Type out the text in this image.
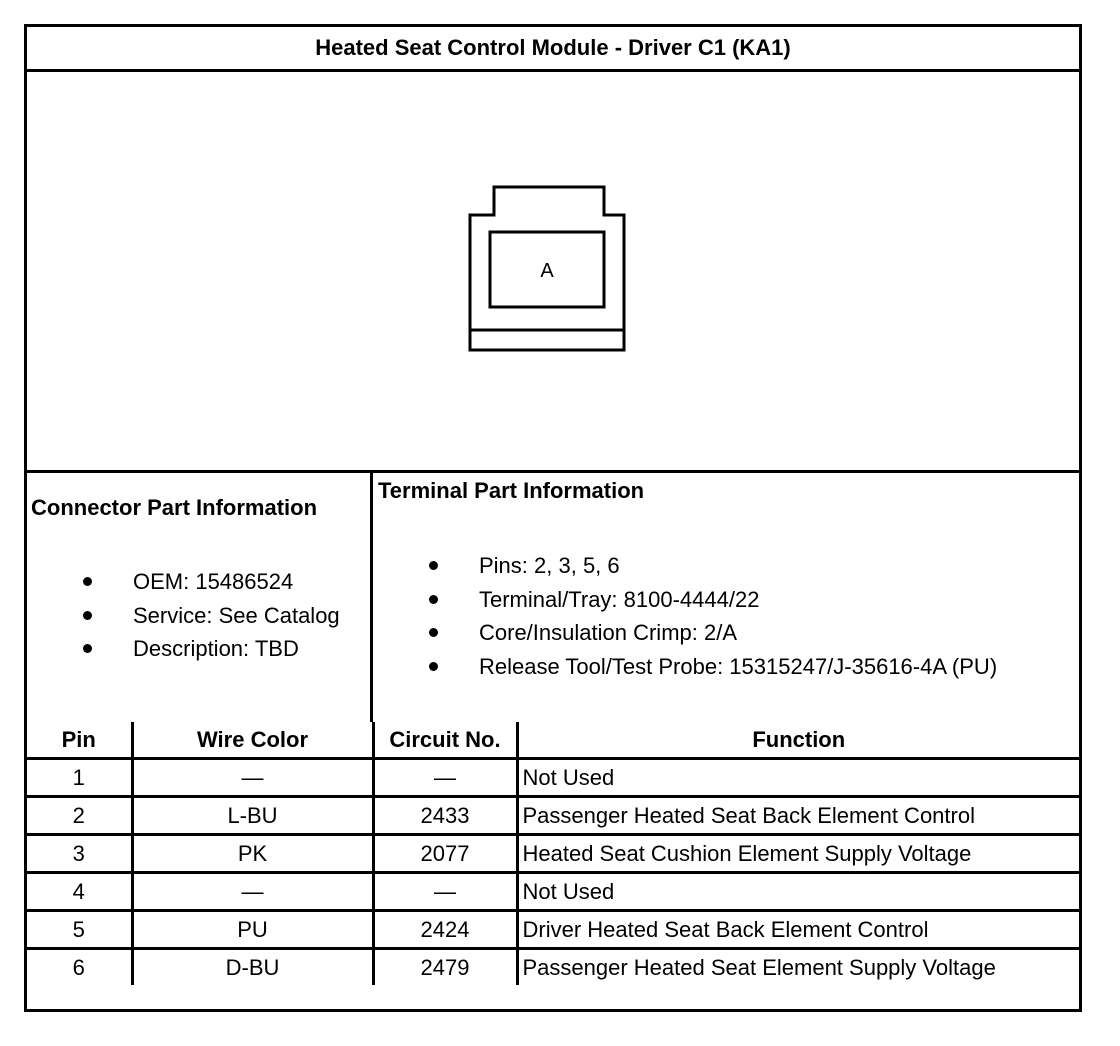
Heated Seat Control Module - Driver C1 (KA1)
A
Connector Part Information
OEM: 15486524
Service: See Catalog
Description: TBD
Terminal Part Information
Pins: 2, 3, 5, 6
Terminal/Tray: 8100-4444/22
Core/Insulation Crimp: 2/A
Release Tool/Test Probe: 15315247/J-35616-4A (PU)
Pin	Wire Color	Circuit No.	Function
1	—	—	Not Used
2	L-BU	2433	Passenger Heated Seat Back Element Control
3	PK	2077	Heated Seat Cushion Element Supply Voltage
4	—	—	Not Used
5	PU	2424	Driver Heated Seat Back Element Control
6	D-BU	2479	Passenger Heated Seat Element Supply Voltage
